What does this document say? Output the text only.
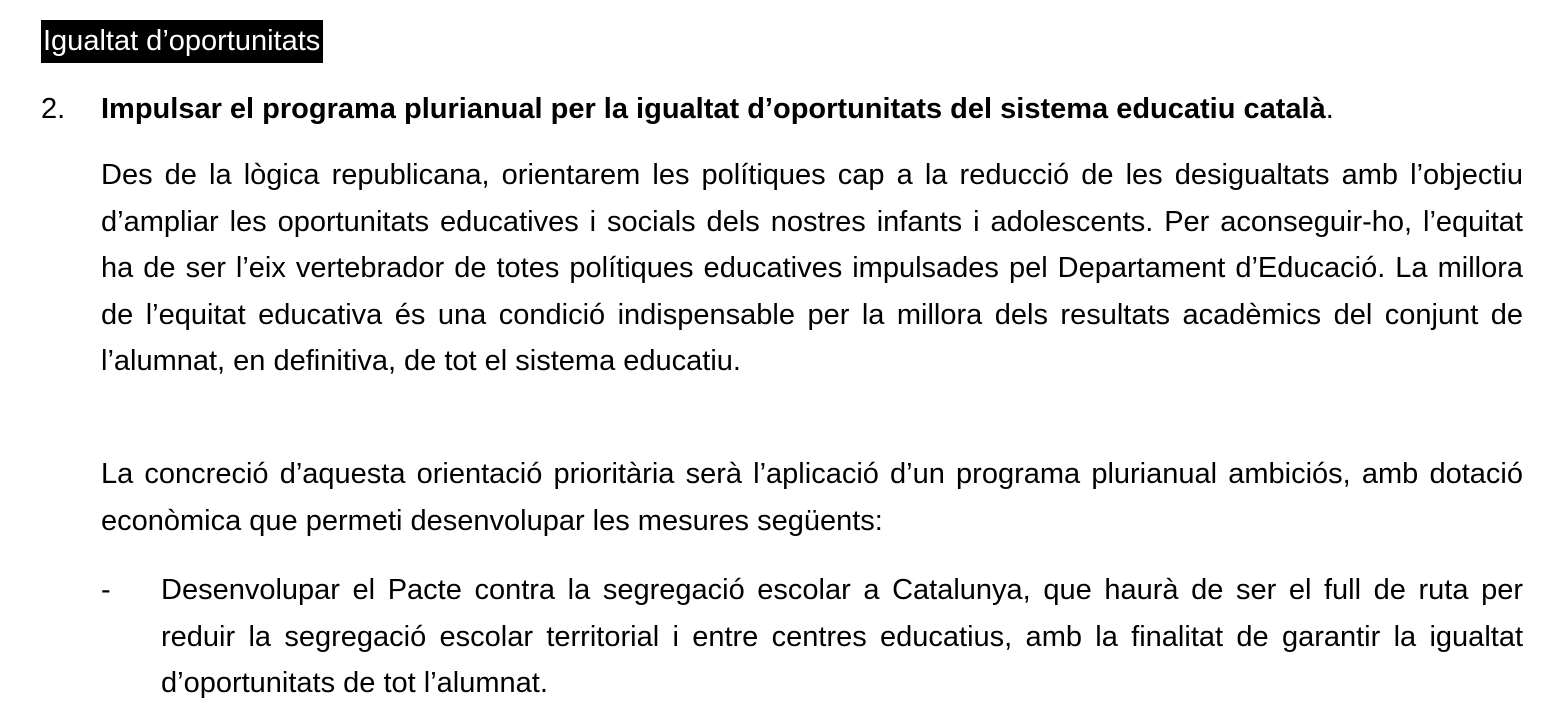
Igualtat d’oportunitats
2. Impulsar el programa plurianual per la igualtat d’oportunitats del sistema educatiu català.

Des de la lògica republicana, orientarem les polítiques cap a la reducció de les desigualtats amb l’objectiu d’ampliar les oportunitats educatives i socials dels nostres infants i adolescents. Per aconseguir-ho, l’equitat ha de ser l’eix vertebrador de totes polítiques educatives impulsades pel Departament d’Educació. La millora de l’equitat educativa és una condició indispensable per la millora dels resultats acadèmics del conjunt de l’alumnat, en definitiva, de tot el sistema educatiu.

La concreció d’aquesta orientació prioritària serà l’aplicació d’un programa plurianual ambiciós, amb dotació econòmica que permeti desenvolupar les mesures següents:

- Desenvolupar el Pacte contra la segregació escolar a Catalunya, que haurà de ser el full de ruta per reduir la segregació escolar territorial i entre centres educatius, amb la finalitat de garantir la igualtat d’oportunitats de tot l’alumnat.
